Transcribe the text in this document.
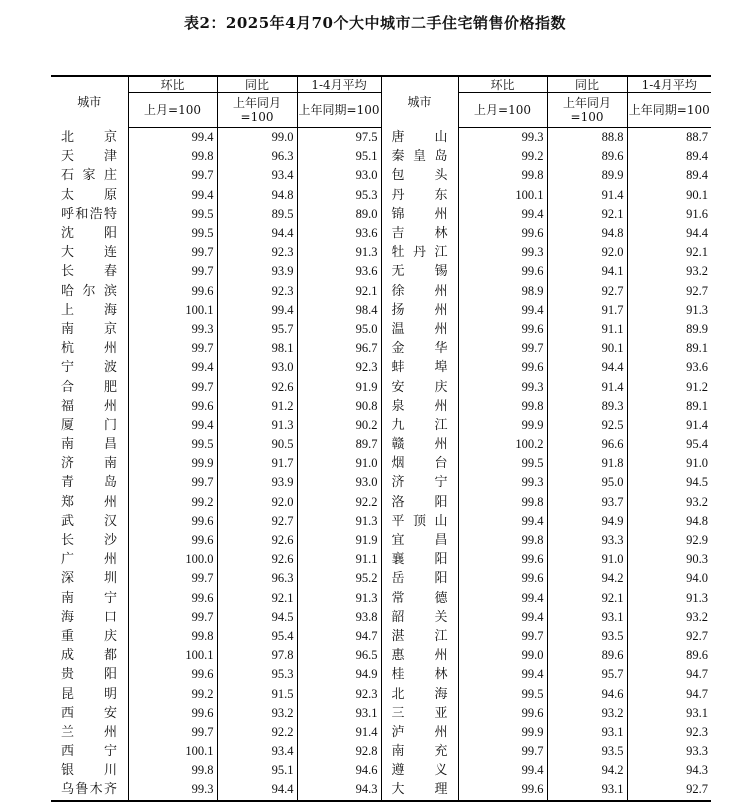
表2：2025年4月70个大中城市二手住宅销售价格指数
城市	环比	同比	1-4月平均	城市	环比	同比	1-4月平均
	上月=100	上年同月=100	上年同期=100		上月=100	上年同月=100	上年同期=100

北京	99.4	99.0	97.5	唐山	99.3	88.8	88.7

天津	99.8	96.3	95.1	秦皇岛	99.2	89.6	89.4

石家庄	99.7	93.4	93.0	包头	99.8	89.9	89.4

太原	99.4	94.8	95.3	丹东	100.1	91.4	90.1

呼和浩特	99.5	89.5	89.0	锦州	99.4	92.1	91.6

沈阳	99.5	94.4	93.6	吉林	99.6	94.8	94.4

大连	99.7	92.3	91.3	牡丹江	99.3	92.0	92.1

长春	99.7	93.9	93.6	无锡	99.6	94.1	93.2

哈尔滨	99.6	92.3	92.1	徐州	98.9	92.7	92.7

上海	100.1	99.4	98.4	扬州	99.4	91.7	91.3

南京	99.3	95.7	95.0	温州	99.6	91.1	89.9

杭州	99.7	98.1	96.7	金华	99.7	90.1	89.1

宁波	99.4	93.0	92.3	蚌埠	99.6	94.4	93.6

合肥	99.7	92.6	91.9	安庆	99.3	91.4	91.2

福州	99.6	91.2	90.8	泉州	99.8	89.3	89.1

厦门	99.4	91.3	90.2	九江	99.9	92.5	91.4

南昌	99.5	90.5	89.7	赣州	100.2	96.6	95.4

济南	99.9	91.7	91.0	烟台	99.5	91.8	91.0

青岛	99.7	93.9	93.0	济宁	99.3	95.0	94.5

郑州	99.2	92.0	92.2	洛阳	99.8	93.7	93.2

武汉	99.6	92.7	91.3	平顶山	99.4	94.9	94.8

长沙	99.6	92.6	91.9	宜昌	99.8	93.3	92.9

广州	100.0	92.6	91.1	襄阳	99.6	91.0	90.3

深圳	99.7	96.3	95.2	岳阳	99.6	94.2	94.0

南宁	99.6	92.1	91.3	常德	99.4	92.1	91.3

海口	99.7	94.5	93.8	韶关	99.4	93.1	93.2

重庆	99.8	95.4	94.7	湛江	99.7	93.5	92.7

成都	100.1	97.8	96.5	惠州	99.0	89.6	89.6

贵阳	99.6	95.3	94.9	桂林	99.4	95.7	94.7

昆明	99.2	91.5	92.3	北海	99.5	94.6	94.7

西安	99.6	93.2	93.1	三亚	99.6	93.2	93.1

兰州	99.7	92.2	91.4	泸州	99.9	93.1	92.3

西宁	100.1	93.4	92.8	南充	99.7	93.5	93.3

银川	99.8	95.1	94.6	遵义	99.4	94.2	94.3

乌鲁木齐	99.3	94.4	94.3	大理	99.6	93.1	92.7
